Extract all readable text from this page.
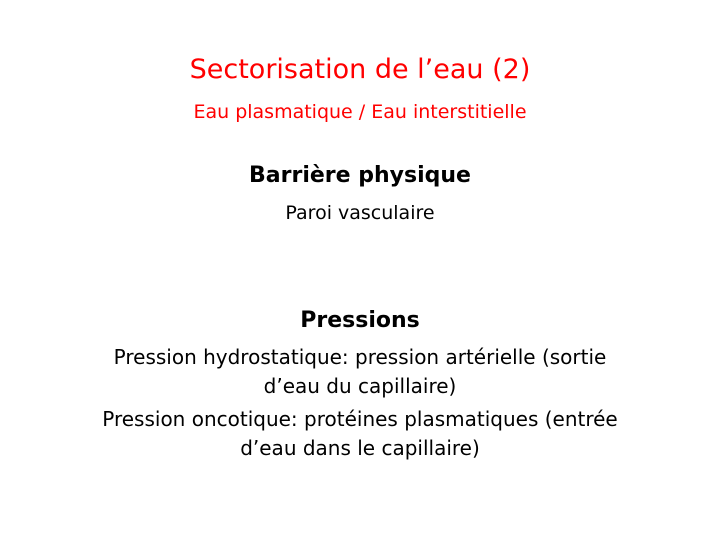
Sectorisation de l’eau (2)
Eau plasmatique / Eau interstitielle
Barrière physique
Paroi vasculaire
Pressions
Pression hydrostatique: pression artérielle (sortie
d’eau du capillaire)
Pression oncotique: protéines plasmatiques (entrée
d’eau dans le capillaire)
